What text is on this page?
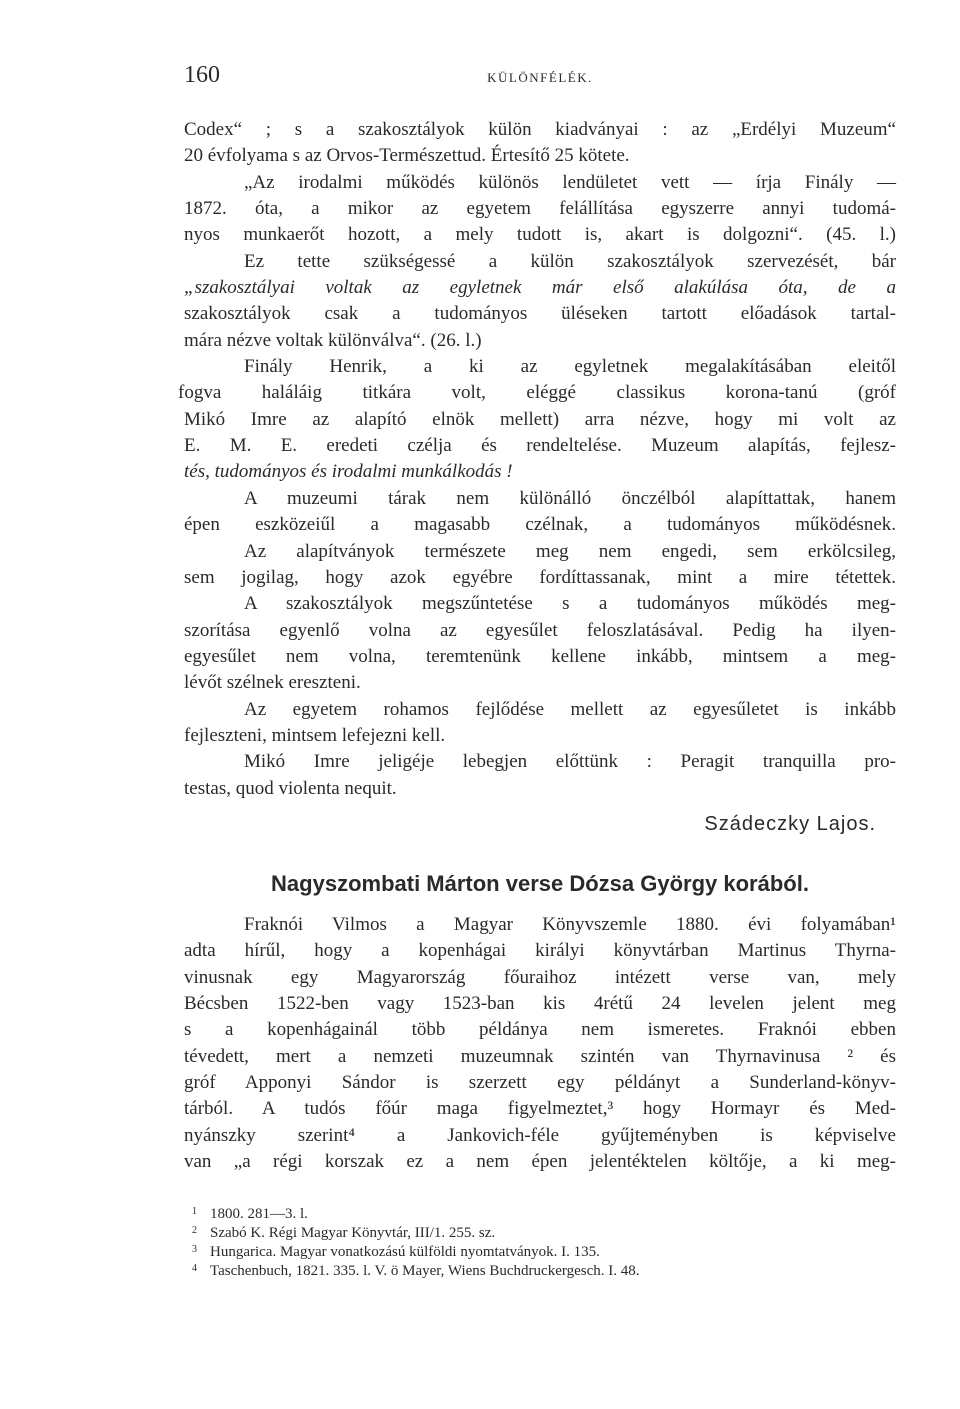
160	KÜLÖNFÉLÉK.
Codex“ ; s a szakosztályok külön kiadványai : az „Erdélyi Muzeum“
20 évfolyama s az Orvos-Természettud. Értesítő 25 kötete.
„Az irodalmi működés különös lendületet vett — írja Finály —
1872. óta, a mikor az egyetem felállítása egyszerre annyi tudomá-
nyos munkaerőt hozott, a mely tudott is, akart is dolgozni“. (45. l.)
Ez tette szükségessé a külön szakosztályok szervezését, bár
„szakosztályai voltak az egyletnek már első alakúlása óta, de a
szakosztályok csak a tudományos üléseken tartott előadások tartal-
mára nézve voltak különválva“. (26. l.)
Finály Henrik, a ki az egyletnek megalakításában eleitől
fogva haláláig titkára volt, eléggé classikus korona-tanú (gróf
Mikó Imre az alapító elnök mellett) arra nézve, hogy mi volt az
E. M. E. eredeti czélja és rendeltelése. Muzeum alapítás, fejlesz-
tés, tudományos és irodalmi munkálkodás !
A muzeumi tárak nem különálló önczélból alapíttattak, hanem
épen eszközeiűl a magasabb czélnak, a tudományos működésnek.
Az alapítványok természete meg nem engedi, sem erkölcsileg,
sem jogilag, hogy azok egyébre fordíttassanak, mint a mire tétettek.
A szakosztályok megszűntetése s a tudományos működés meg-
szorítása egyenlő volna az egyesűlet feloszlatásával. Pedig ha ilyen-
egyesűlet nem volna, teremtenünk kellene inkább, mintsem a meg-
lévőt szélnek ereszteni.
Az egyetem rohamos fejlődése mellett az egyesűletet is inkább
fejleszteni, mintsem lefejezni kell.
Mikó Imre jeligéje lebegjen előttünk : Peragit tranquilla pro-
testas, quod violenta nequit.
Szádeczky Lajos.
Nagyszombati Márton verse Dózsa György korából.
Fraknói Vilmos a Magyar Könyvszemle 1880. évi folyamában¹
adta hírűl, hogy a kopenhágai királyi könyvtárban Martinus Thyrna-
vinusnak egy Magyarország főuraihoz intézett verse van, mely
Bécsben 1522-ben vagy 1523-ban kis 4rétű 24 levelen jelent meg
s a kopenhágainál több példánya nem ismeretes. Fraknói ebben
tévedett, mert a nemzeti muzeumnak szintén van Thyrnavinusa ² és
gróf Apponyi Sándor is szerzett egy példányt a Sunderland-könyv-
tárból. A tudós főúr maga figyelmeztet,³ hogy Hormayr és Med-
nyánszky szerint⁴ a Jankovich-féle gyűjteményben is képviselve
van „a régi korszak ez a nem épen jelentéktelen költője, a ki meg-
1 1800. 281—3. l.
2 Szabó K. Régi Magyar Könyvtár, III/1. 255. sz.
3 Hungarica. Magyar vonatkozású külföldi nyomtatványok. I. 135.
4 Taschenbuch, 1821. 335. l. V. ö Mayer, Wiens Buchdruckergesch. I. 48.
